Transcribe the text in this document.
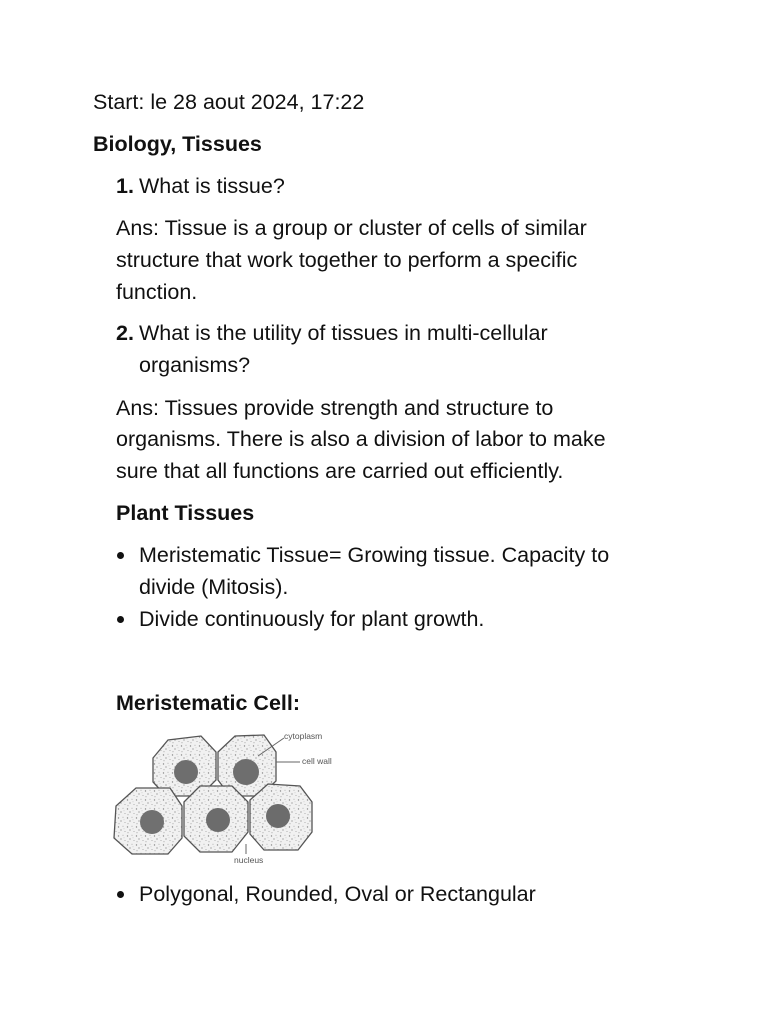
Start: le 28 aout 2024, 17:22
Biology, Tissues
1. What is tissue?
Ans: Tissue is a group or cluster of cells of similar
structure that work together to perform a specific
function.
2. What is the utility of tissues in multi-cellular
organisms?
Ans: Tissues provide strength and structure to
organisms. There is also a division of labor to make
sure that all functions are carried out efficiently.
Plant Tissues
Meristematic Tissue= Growing tissue. Capacity to
divide (Mitosis).
Divide continuously for plant growth.
Meristematic Cell:
cytoplasm
cell wall
nucleus
Polygonal, Rounded, Oval or Rectangular
